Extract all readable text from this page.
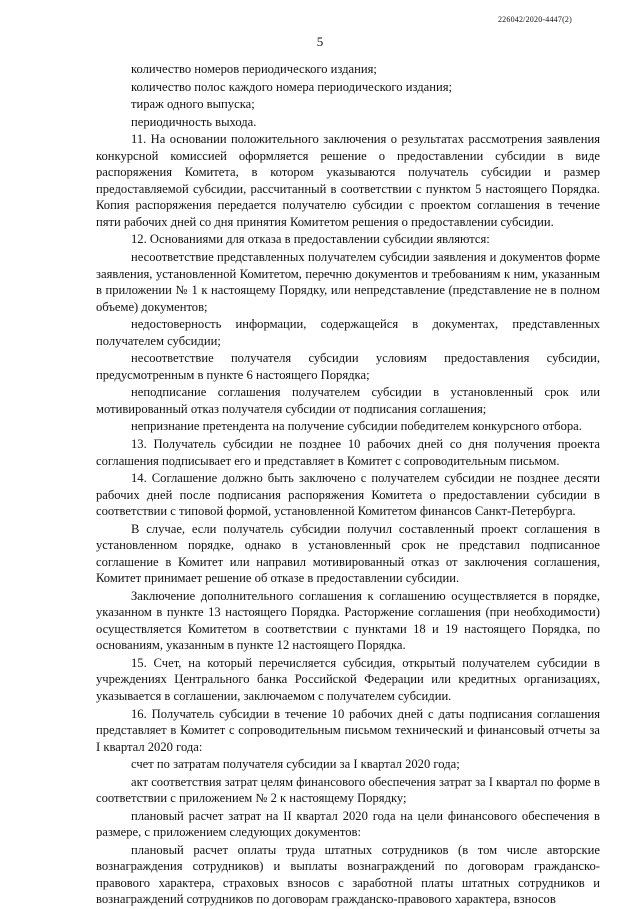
226042/2020-4447(2)
5

количество номеров периодического издания;

количество полос каждого номера периодического издания;

тираж одного выпуска;

периодичность выхода.

11. На основании положительного заключения о результатах рассмотрения заявления конкурсной комиссией оформляется решение о предоставлении субсидии в виде распоряжения Комитета, в котором указываются получатель субсидии и размер предоставляемой субсидии, рассчитанный в соответствии с пунктом 5 настоящего Порядка. Копия распоряжения передается получателю субсидии с проектом соглашения в течение пяти рабочих дней со дня принятия Комитетом решения о предоставлении субсидии.

12. Основаниями для отказа в предоставлении субсидии являются:

несоответствие представленных получателем субсидии заявления и документов форме заявления, установленной Комитетом, перечню документов и требованиям к ним, указанным в приложении № 1 к настоящему Порядку, или непредставление (представление не в полном объеме) документов;

недостоверность информации, содержащейся в документах, представленных получателем субсидии;

несоответствие получателя субсидии условиям предоставления субсидии, предусмотренным в пункте 6 настоящего Порядка;

неподписание соглашения получателем субсидии в установленный срок или мотивированный отказ получателя субсидии от подписания соглашения;

непризнание претендента на получение субсидии победителем конкурсного отбора.

13. Получатель субсидии не позднее 10 рабочих дней со дня получения проекта соглашения подписывает его и представляет в Комитет с сопроводительным письмом.

14. Соглашение должно быть заключено с получателем субсидии не позднее десяти рабочих дней после подписания распоряжения Комитета о предоставлении субсидии в соответствии с типовой формой, установленной Комитетом финансов Санкт-Петербурга.

В случае, если получатель субсидии получил составленный проект соглашения в установленном порядке, однако в установленный срок не представил подписанное соглашение в Комитет или направил мотивированный отказ от заключения соглашения, Комитет принимает решение об отказе в предоставлении субсидии.

Заключение дополнительного соглашения к соглашению осуществляется в порядке, указанном в пункте 13 настоящего Порядка. Расторжение соглашения (при необходимости) осуществляется Комитетом в соответствии с пунктами 18 и 19 настоящего Порядка, по основаниям, указанным в пункте 12 настоящего Порядка.

15. Счет, на который перечисляется субсидия, открытый получателем субсидии в учреждениях Центрального банка Российской Федерации или кредитных организациях, указывается в соглашении, заключаемом с получателем субсидии.

16. Получатель субсидии в течение 10 рабочих дней с даты подписания соглашения представляет в Комитет с сопроводительным письмом технический и финансовый отчеты за I квартал 2020 года:

счет по затратам получателя субсидии за I квартал 2020 года;

акт соответствия затрат целям финансового обеспечения затрат за I квартал по форме в соответствии с приложением № 2 к настоящему Порядку;

плановый расчет затрат на II квартал 2020 года на цели финансового обеспечения в размере, с приложением следующих документов:

плановый расчет оплаты труда штатных сотрудников (в том числе авторские вознаграждения сотрудников) и выплаты вознаграждений по договорам гражданско-правового характера, страховых взносов с заработной платы штатных сотрудников и вознаграждений сотрудников по договорам гражданско-правового характера, взносов
